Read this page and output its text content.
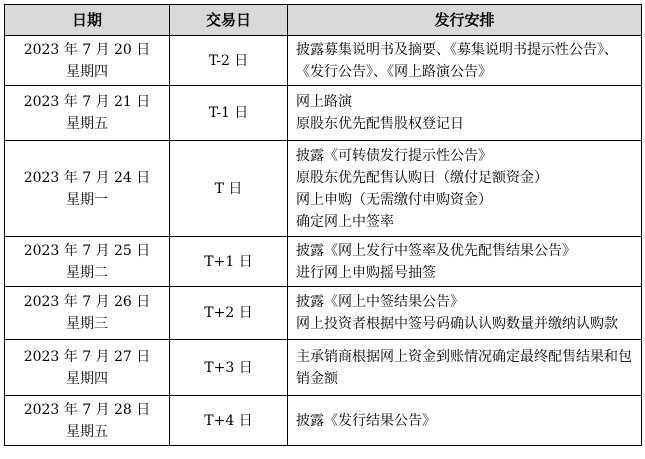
日期	交易日	发行安排

2023 年 7 月 20 日
星期四	T-2 日	披露募集说明书及摘要、《募集说明书提示性公告》、
《发行公告》、《网上路演公告》

2023 年 7 月 21 日
星期五	T-1 日	网上路演
原股东优先配售股权登记日

2023 年 7 月 24 日
星期一	T 日	披露《可转债发行提示性公告》
原股东优先配售认购日（缴付足额资金）
网上申购（无需缴付申购资金）
确定网上中签率

2023 年 7 月 25 日
星期二	T+1 日	披露《网上发行中签率及优先配售结果公告》
进行网上申购摇号抽签

2023 年 7 月 26 日
星期三	T+2 日	披露《网上中签结果公告》
网上投资者根据中签号码确认认购数量并缴纳认购款

2023 年 7 月 27 日
星期四	T+3 日	主承销商根据网上资金到账情况确定最终配售结果和包
销金额

2023 年 7 月 28 日
星期五	T+4 日	披露《发行结果公告》
